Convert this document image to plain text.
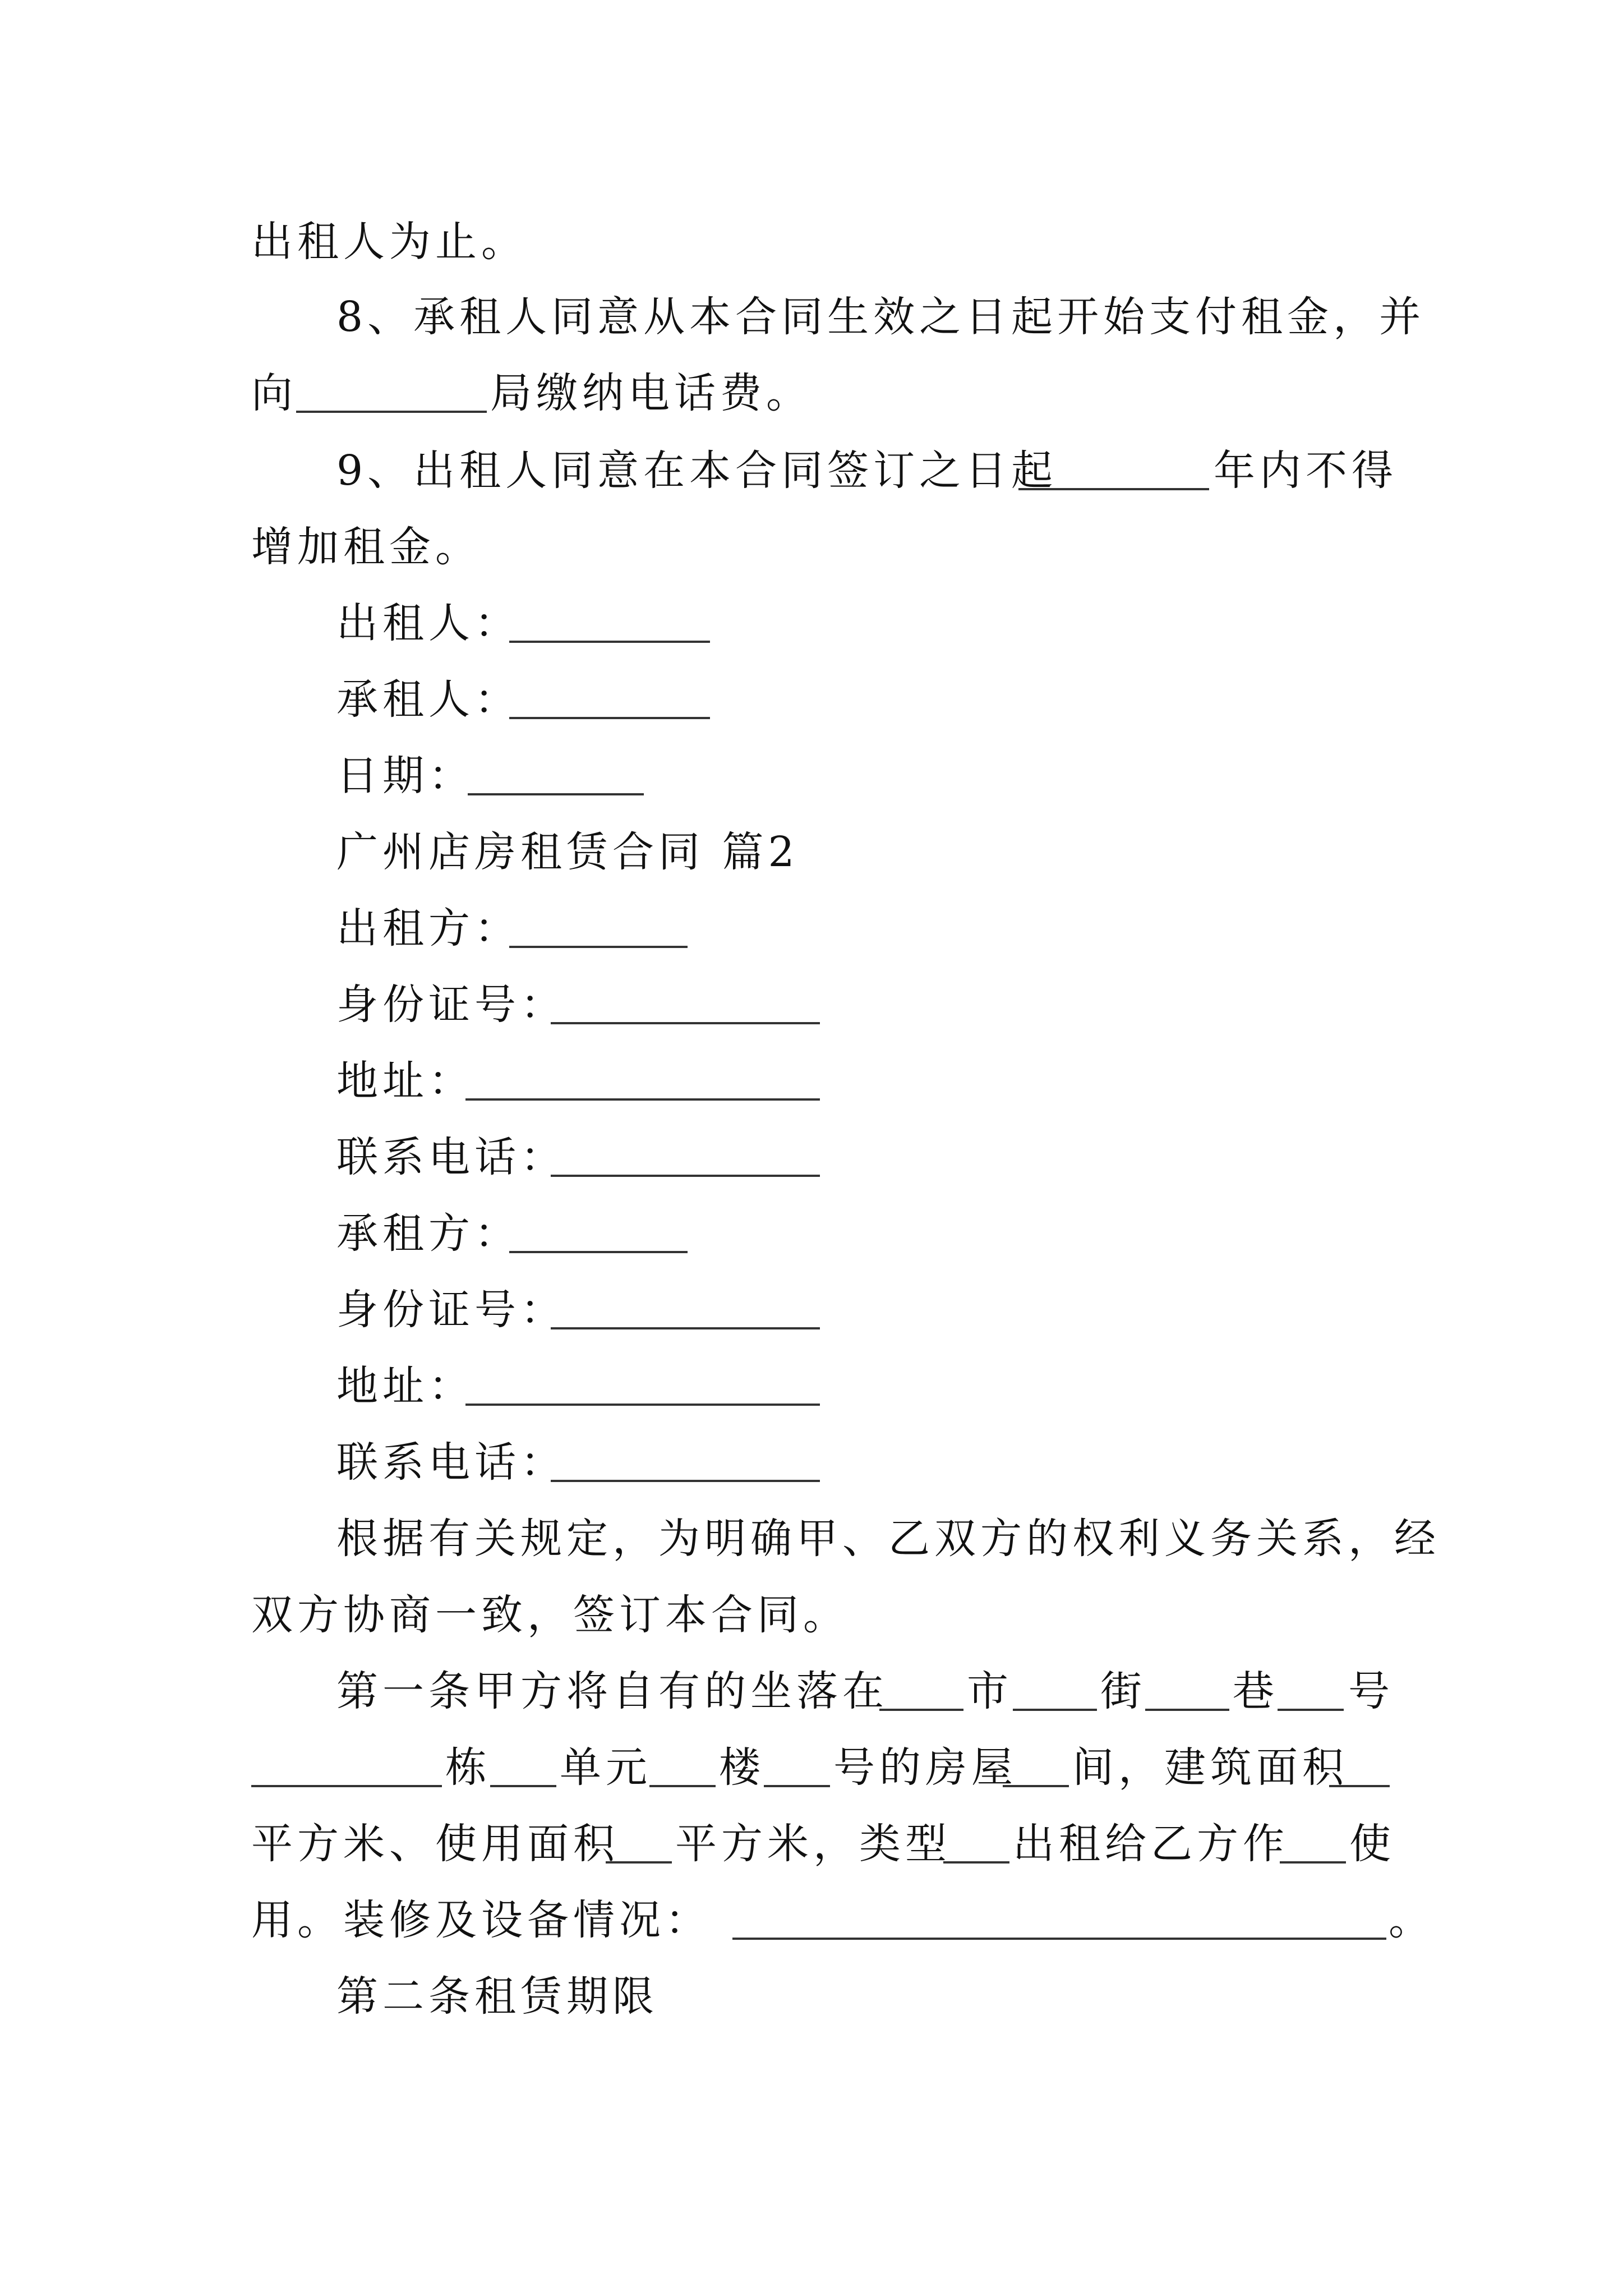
出租人为止。
8、承租人同意从本合同生效之日起开始支付租金，并
向	局缴纳电话费。
9、出租人同意在本合同签订之日起	年内不得
增加租金。
出租人：
承租人：
日期：
广州店房租赁合同 篇2
出租方：
身份证号：
地址：
联系电话：
承租方：
身份证号：
地址：
联系电话：
根据有关规定，为明确甲、乙双方的权利义务关系，经
双方协商一致，签订本合同。
第一条甲方将自有的坐落在 市 街 巷 号
栋 单元 楼 号的房屋 间，建筑面积
平方米、使用面积 平方米，类型 出租给乙方作 使
用。装修及设备情况：	。
第二条租赁期限
